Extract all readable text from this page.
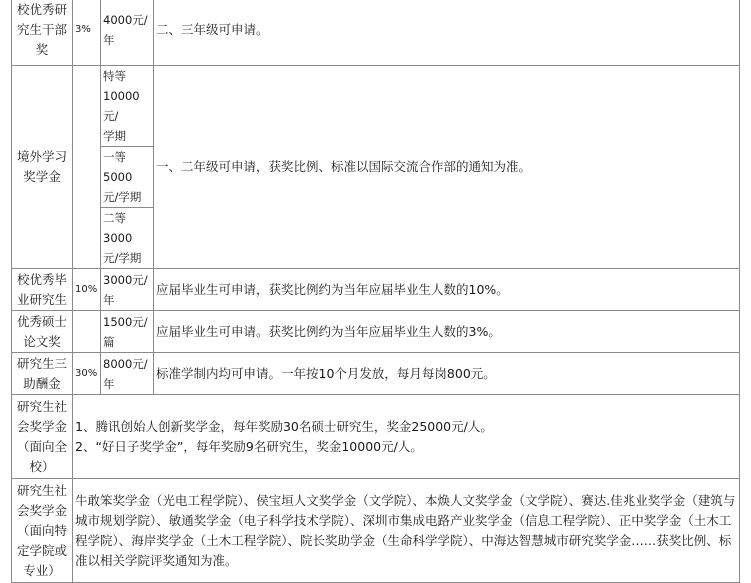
校优秀研
究生干部
奖	3%	4000元/
年	二、三年级可申请。

境外学习
奖学金		特等
10000元/
学期	一、二年级可申请，获奖比例、标准以国际交流合作部的通知为准。

		一等5000
元/学期	

		二等3000
元/学期	

校优秀毕
业研究生	10%	3000元/
年	应届毕业生可申请，获奖比例约为当年应届毕业生人数的10%。

优秀硕士
论文奖		1500元/
篇	应届毕业生可申请。获奖比例约为当年应届毕业生人数的3%。

研究生三
助酬金	30%	8000元/
年	标准学制内均可申请。一年按10个月发放，每月每岗800元。

研究生社
会奖学金
（面向全
校）	1、腾讯创始人创新奖学金，每年奖励30名硕士研究生，奖金25000元/人。
2、“好日子奖学金”，每年奖励9名研究生，奖金10000元/人。		

研究生社
会奖学金
（面向特
定学院或
专业）	牛敢笨奖学金（光电工程学院）、侯宝垣人文奖学金（文学院）、本焕人文奖学金（文学院）、赛达.佳兆业奖学金（建筑与
城市规划学院）、敏通奖学金（电子科学技术学院）、深圳市集成电路产业奖学金（信息工程学院）、正中奖学金（土木工
程学院）、海岸奖学金（土木工程学院）、院长奖助学金（生命科学学院）、中海达智慧城市研究奖学金……获奖比例、标
准以相关学院评奖通知为准。		
